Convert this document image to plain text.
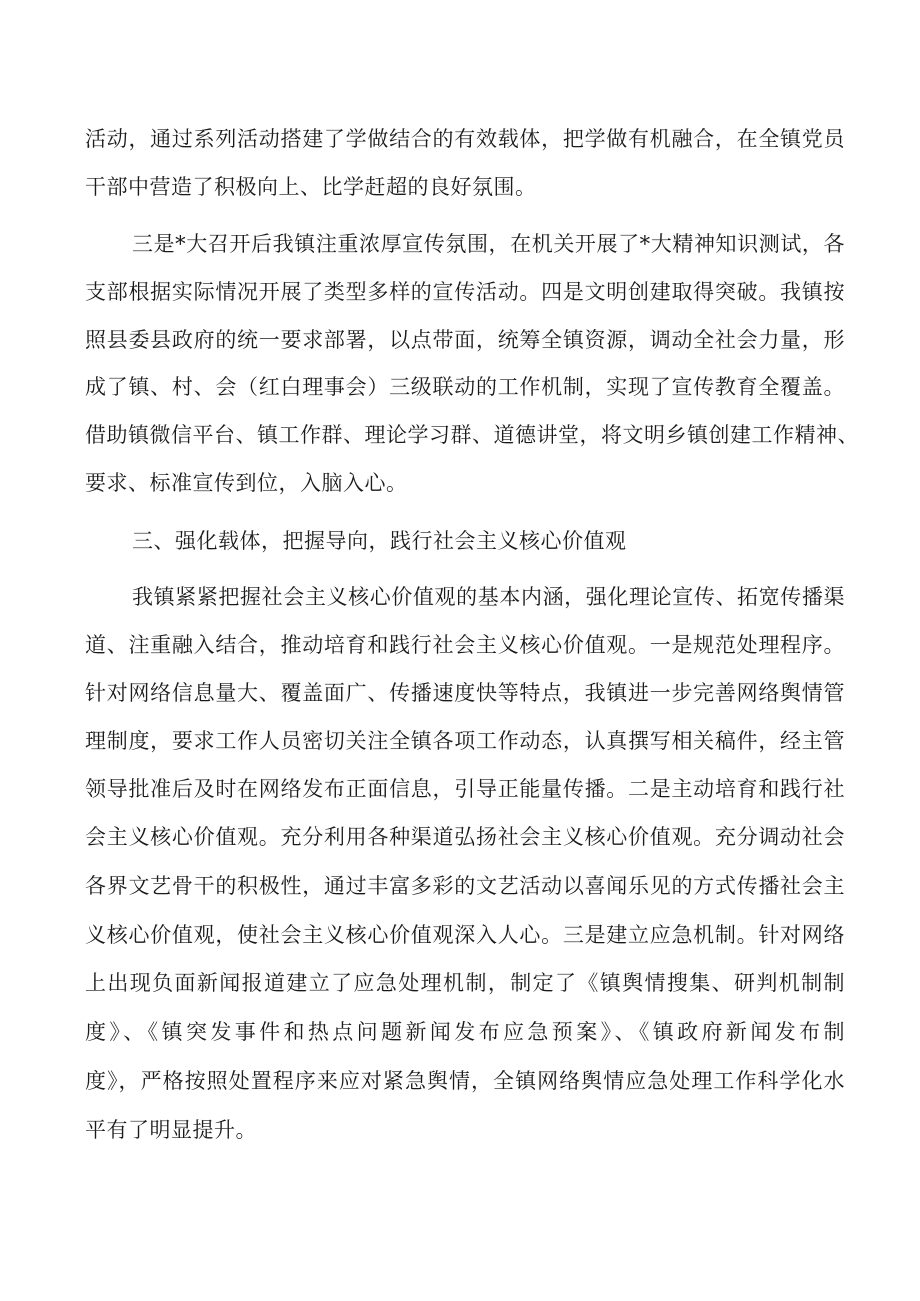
活动，通过系列活动搭建了学做结合的有效载体，把学做有机融合，在全镇党员
干部中营造了积极向上、比学赶超的良好氛围。
三是*大召开后我镇注重浓厚宣传氛围，在机关开展了*大精神知识测试，各
支部根据实际情况开展了类型多样的宣传活动。四是文明创建取得突破。我镇按
照县委县政府的统一要求部署，以点带面，统筹全镇资源，调动全社会力量，形
成了镇、村、会（红白理事会）三级联动的工作机制，实现了宣传教育全覆盖。
借助镇微信平台、镇工作群、理论学习群、道德讲堂，将文明乡镇创建工作精神、
要求、标准宣传到位，入脑入心。
三、强化载体，把握导向，践行社会主义核心价值观
我镇紧紧把握社会主义核心价值观的基本内涵，强化理论宣传、拓宽传播渠
道、注重融入结合，推动培育和践行社会主义核心价值观。一是规范处理程序。
针对网络信息量大、覆盖面广、传播速度快等特点，我镇进一步完善网络舆情管
理制度，要求工作人员密切关注全镇各项工作动态，认真撰写相关稿件，经主管
领导批准后及时在网络发布正面信息，引导正能量传播。二是主动培育和践行社
会主义核心价值观。充分利用各种渠道弘扬社会主义核心价值观。充分调动社会
各界文艺骨干的积极性，通过丰富多彩的文艺活动以喜闻乐见的方式传播社会主
义核心价值观，使社会主义核心价值观深入人心。三是建立应急机制。针对网络
上出现负面新闻报道建立了应急处理机制，制定了《镇舆情搜集、研判机制制
度》、《镇突发事件和热点问题新闻发布应急预案》、《镇政府新闻发布制
度》，严格按照处置程序来应对紧急舆情，全镇网络舆情应急处理工作科学化水
平有了明显提升。
